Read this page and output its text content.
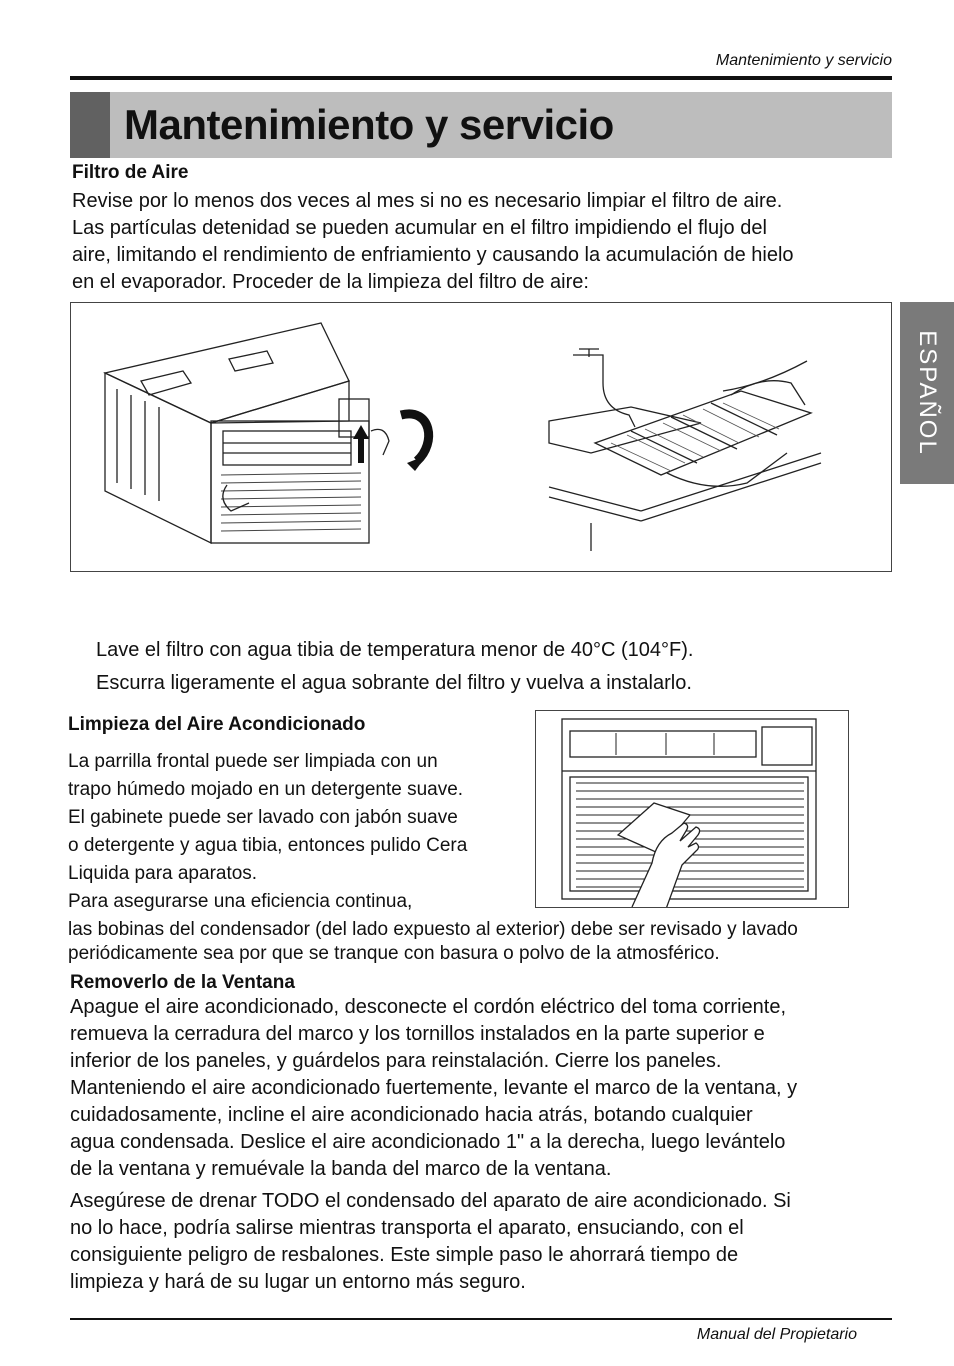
Mantenimiento y servicio
Mantenimiento y servicio
ESPAÑOL
Filtro de Aire
Revise por lo menos dos veces al mes si no es necesario limpiar el filtro de aire.
Las partículas detenidad se pueden acumular en el filtro impidiendo el flujo del
aire, limitando el rendimiento de enfriamiento y causando la acumulación de hielo
en el evaporador. Proceder de la limpieza del filtro de aire:
Lave el filtro con agua tibia de temperatura menor de 40°C (104°F).
Escurra ligeramente el agua sobrante del filtro y vuelva a instalarlo.
Limpieza del Aire Acondicionado
La parrilla frontal puede ser limpiada con un
trapo húmedo mojado en un detergente suave.
El gabinete puede ser lavado con jabón suave
o detergente y agua tibia, entonces pulido Cera
Liquida para aparatos.
Para asegurarse una eficiencia continua,
las bobinas del condensador (del lado expuesto al exterior) debe ser revisado y lavado
periódicamente sea por que se tranque con basura o polvo de la atmosférico.
Removerlo de la Ventana
Apague el aire acondicionado, desconecte el cordón eléctrico del toma corriente,
remueva la cerradura del marco y los tornillos instalados en la parte superior e
inferior de los paneles, y guárdelos para reinstalación. Cierre los paneles.
Manteniendo el aire acondicionado fuertemente, levante el marco de la ventana, y
cuidadosamente, incline el aire acondicionado hacia atrás, botando cualquier
agua condensada. Deslice el aire acondicionado 1" a la derecha, luego levántelo
de la ventana y remuévale la banda del marco de la ventana.
Asegúrese de drenar TODO el condensado del aparato de aire acondicionado. Si
no lo hace, podría salirse mientras transporta el aparato, ensuciando, con el
consiguiente peligro de resbalones. Este simple paso le ahorrará tiempo de
limpieza y hará de su lugar un entorno más seguro.
Manual del Propietario
